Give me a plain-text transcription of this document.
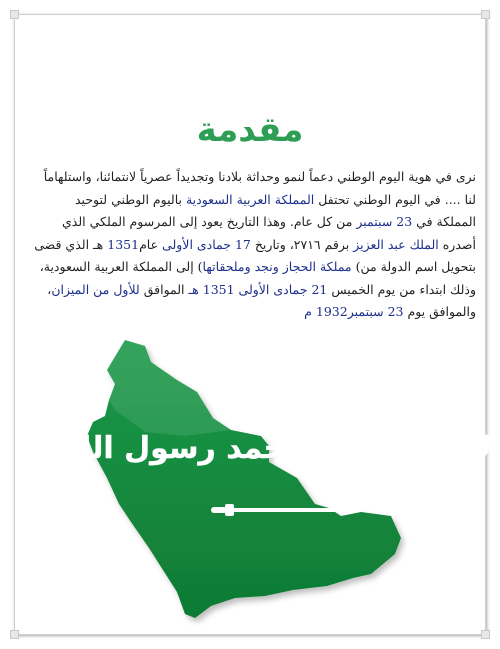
مقدمة

نرى في هوية اليوم الوطني دعماً لنمو وحداثة بلادنا وتجديداً عصرياً لانتمائنا، واستلهاماً

لنا .... في اليوم الوطني تحتفل المملكة العربية السعودية باليوم الوطني لتوحيد

المملكة في 23 سبتمبر من كل عام. وهذا التاريخ يعود إلى المرسوم الملكي الذي

أصدره الملك عبد العزيز برقم ٢٧١٦، وتاريخ 17 جمادى الأولى عام1351 هـ الذي قضى

بتحويل اسم الدولة من) مملكة الحجاز ونجد وملحقاتها) إلى المملكة العربية السعودية،

وذلك ابتداء من يوم الخميس 21 جمادى الأولى 1351 هـ الموافق للأول من الميزان،

والموافق يوم 23 سبتمبر1932 م

لا إله إلا الله محمد رسول الله
